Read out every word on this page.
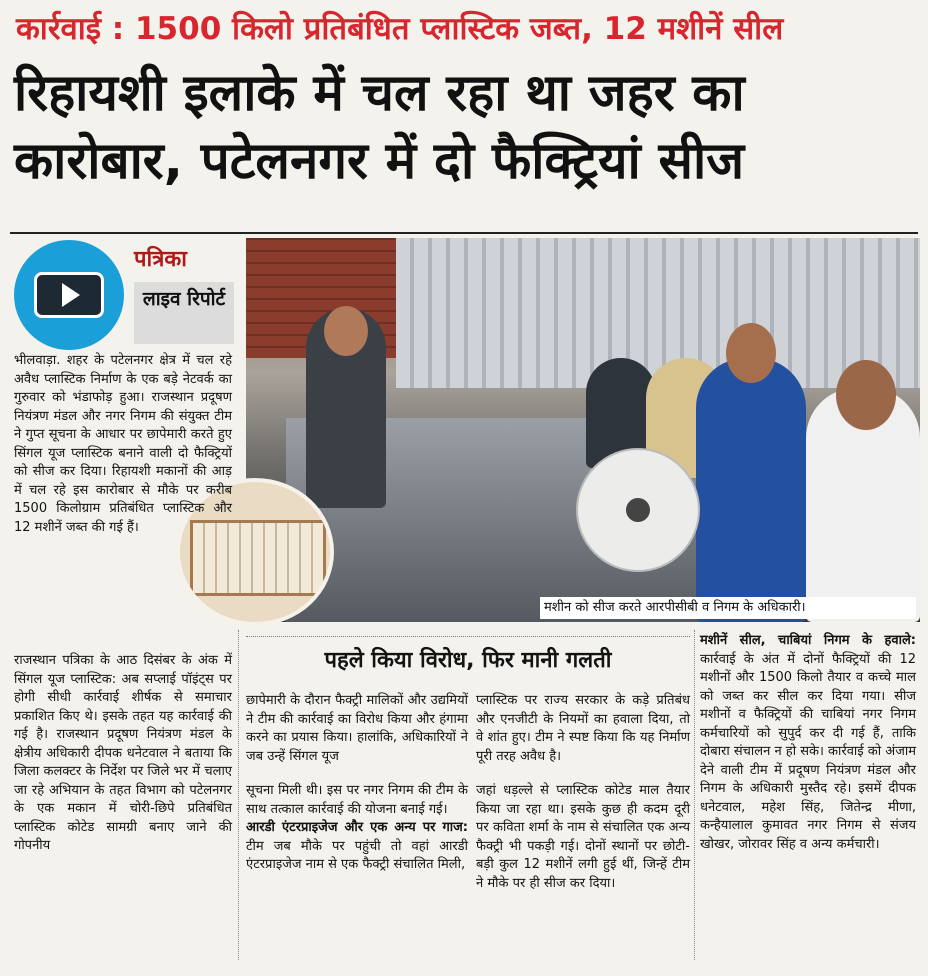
कार्रवाई : 1500 किलो प्रतिबंधित प्लास्टिक जब्त, 12 मशीनें सील
रिहायशी इलाके में चल रहा था जहर का कारोबार, पटेलनगर में दो फैक्ट्रियां सीज
पत्रिका
लाइव रिपोर्ट
मशीन को सीज करते आरपीसीबी व निगम के अधिकारी।

भीलवाड़ा. शहर के पटेलनगर क्षेत्र में चल रहे अवैध प्लास्टिक निर्माण के एक बड़े नेटवर्क का गुरुवार को भंडाफोड़ हुआ। राजस्थान प्रदूषण नियंत्रण मंडल और नगर निगम की संयुक्त टीम ने गुप्त सूचना के आधार पर छापेमारी करते हुए सिंगल यूज प्लास्टिक बनाने वाली दो फैक्ट्रियों को सीज कर दिया। रिहायशी मकानों की आड़ में चल रहे इस कारोबार से मौके पर करीब 1500 किलोग्राम प्रतिबंधित प्लास्टिक और 12 मशीनें जब्त की गई हैं।

राजस्थान पत्रिका के आठ दिसंबर के अंक में सिंगल यूज प्लास्टिक: अब सप्लाई पॉइंट्स पर होगी सीधी कार्रवाई शीर्षक से समाचार प्रकाशित किए थे। इसके तहत यह कार्रवाई की गई है। राजस्थान प्रदूषण नियंत्रण मंडल के क्षेत्रीय अधिकारी दीपक धनेटवाल ने बताया कि जिला कलक्टर के निर्देश पर जिले भर में चलाए जा रहे अभियान के तहत विभाग को पटेलनगर के एक मकान में चोरी-छिपे प्रतिबंधित प्लास्टिक कोटेड सामग्री बनाए जाने की गोपनीय

पहले किया विरोध, फिर मानी गलती

छापेमारी के दौरान फैक्ट्री मालिकों और उद्यमियों ने टीम की कार्रवाई का विरोध किया और हंगामा करने का प्रयास किया। हालांकि, अधिकारियों ने जब उन्हें सिंगल यूज

सूचना मिली थी। इस पर नगर निगम की टीम के साथ तत्काल कार्रवाई की योजना बनाई गई।

आरडी एंटरप्राइजेज और एक अन्य पर गाज: टीम जब मौके पर पहुंची तो वहां आरडी एंटरप्राइजेज नाम से एक फैक्ट्री संचालित मिली,

प्लास्टिक पर राज्य सरकार के कड़े प्रतिबंध और एनजीटी के नियमों का हवाला दिया, तो वे शांत हुए। टीम ने स्पष्ट किया कि यह निर्माण पूरी तरह अवैध है।

जहां धड़ल्ले से प्लास्टिक कोटेड माल तैयार किया जा रहा था। इसके कुछ ही कदम दूरी पर कविता शर्मा के नाम से संचालित एक अन्य फैक्ट्री भी पकड़ी गई। दोनों स्थानों पर छोटी-बड़ी कुल 12 मशीनें लगी हुई थीं, जिन्हें टीम ने मौके पर ही सीज कर दिया।

मशीनें सील, चाबियां निगम के हवाले: कार्रवाई के अंत में दोनों फैक्ट्रियों की 12 मशीनों और 1500 किलो तैयार व कच्चे माल को जब्त कर सील कर दिया गया। सीज मशीनों व फैक्ट्रियों की चाबियां नगर निगम कर्मचारियों को सुपुर्द कर दी गई हैं, ताकि दोबारा संचालन न हो सके। कार्रवाई को अंजाम देने वाली टीम में प्रदूषण नियंत्रण मंडल और निगम के अधिकारी मुस्तैद रहे। इसमें दीपक धनेटवाल, महेश सिंह, जितेन्द्र मीणा, कन्हैयालाल कुमावत नगर निगम से संजय खोखर, जोरावर सिंह व अन्य कर्मचारी।
